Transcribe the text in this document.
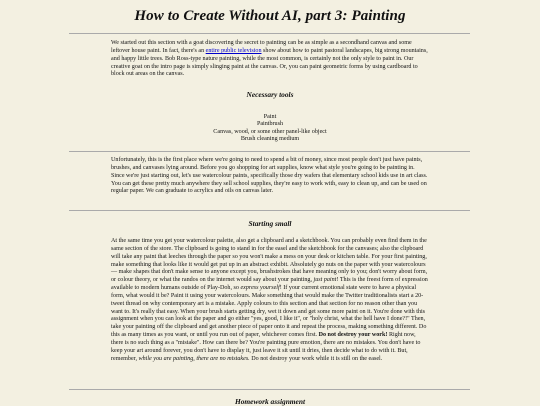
How to Create Without AI, part 3: Painting
We started out this section with a goat discovering the secret to painting can be as simple as a secondhand canvas and some leftover house paint. In fact, there's an entire public television show about how to paint pastoral landscapes, big strong mountains, and happy little trees. Bob Ross-type nature painting, while the most common, is certainly not the only style to paint in. Our creative goat on the intro page is simply slinging paint at the canvas. Or, you can paint geometric forms by using cardboard to block out areas on the canvas.
Necessary tools
Paint
Paintbrush
Canvas, wood, or some other panel-like object
Brush cleaning medium
Unfortunately, this is the first place where we're going to need to spend a bit of money, since most people don't just have paints, brushes, and canvases lying around. Before you go shopping for art supplies, know what style you're going to be painting in. Since we're just starting out, let's use watercolour paints, specifically those dry wafers that elementary school kids use in art class. You can get these pretty much anywhere they sell school supplies, they're easy to work with, easy to clean up, and can be used on regular paper. We can graduate to acrylics and oils on canvas later.
Starting small
At the same time you get your watercolour palette, also get a clipboard and a sketchbook. You can probably even find them in the same section of the store. The clipboard is going to stand in for the easel and the sketchbook for the canvases; also the clipboard will take any paint that leeches through the paper so you won't make a mess on your desk or kitchen table. For your first painting, make something that looks like it would get put up in an abstract exhibit. Absolutely go nuts on the paper with your watercolours— make shapes that don't make sense to anyone except you, brushstrokes that have meaning only to you; don't worry about form, or colour theory, or what the randos on the internet would say about your painting, just paint! This is the freest form of expression available to modern humans outside of Play-Doh, so express yourself! If your current emotional state were to have a physical form, what would it be? Paint it using your watercolours. Make something that would make the Twitter traditionalists start a 20-tweet thread on why contemporary art is a mistake. Apply colours to this section and that section for no reason other than you want to. It's really that easy. When your brush starts getting dry, wet it down and get some more paint on it. You're done with this assignment when you can look at the paper and go either "yes, good, I like it", or "holy christ, what the hell have I done?!" Then, take your painting off the clipboard and get another piece of paper onto it and repeat the process, making something different. Do this as many times as you want, or until you run out of paper, whichever comes first. Do not destroy your work! Right now, there is no such thing as a "mistake". How can there be? You're painting pure emotion, there are no mistakes. You don't have to keep your art around forever, you don't have to display it, just leave it sit until it dries, then decide what to do with it. But, remember, while you are painting, there are no mistakes. Do not destroy your work while it is still on the easel.
Homework assignment
